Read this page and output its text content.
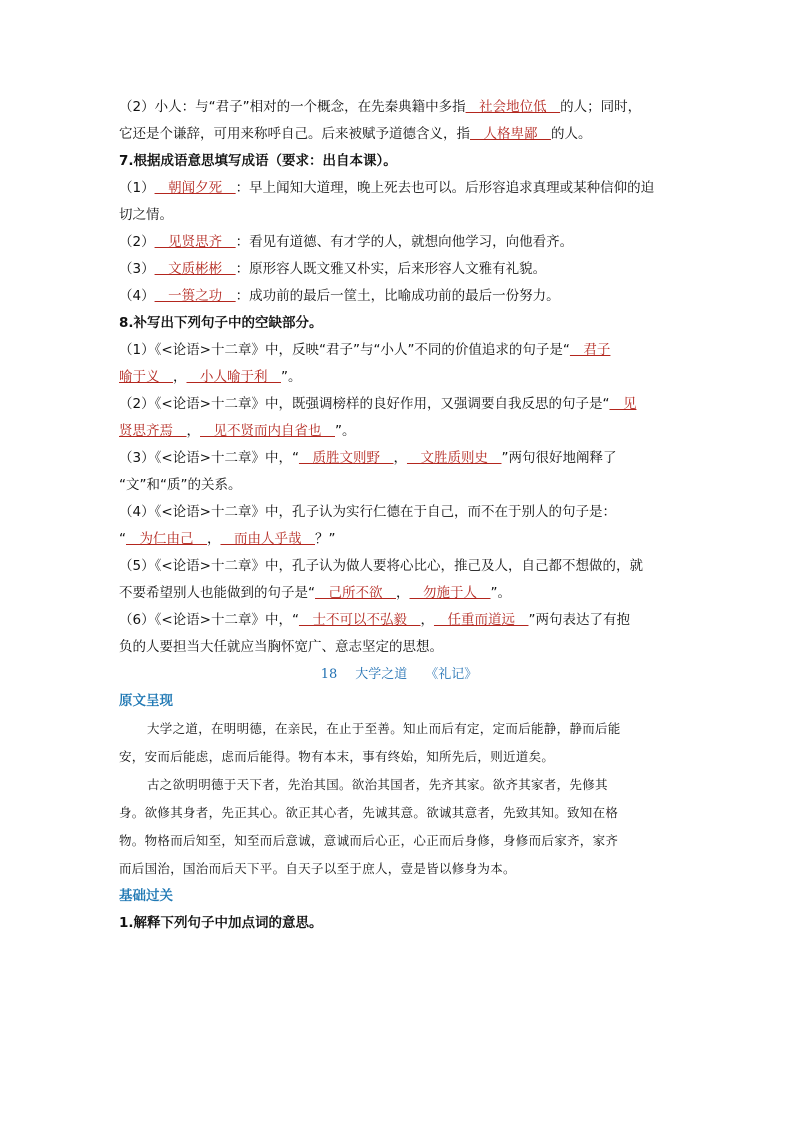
（2）小人：与“君子”相对的一个概念，在先秦典籍中多指＿社会地位低＿的人；同时，
它还是个谦辞，可用来称呼自己。后来被赋予道德含义，指＿人格卑鄙＿的人。
7.根据成语意思填写成语（要求：出自本课）。
（1）＿朝闻夕死＿：早上闻知大道理，晚上死去也可以。后形容追求真理或某种信仰的迫
切之情。
（2）＿见贤思齐＿：看见有道德、有才学的人，就想向他学习，向他看齐。
（3）＿文质彬彬＿：原形容人既文雅又朴实，后来形容人文雅有礼貌。
（4）＿一篑之功＿：成功前的最后一筐土，比喻成功前的最后一份努力。
8.补写出下列句子中的空缺部分。
（1）《<论语>十二章》中，反映“君子”与“小人”不同的价值追求的句子是“＿君子
喻于义＿，＿小人喻于利＿”。
（2）《<论语>十二章》中，既强调榜样的良好作用，又强调要自我反思的句子是“＿见
贤思齐焉＿，＿见不贤而内自省也＿”。
（3）《<论语>十二章》中，“＿质胜文则野＿，＿文胜质则史＿”两句很好地阐释了
“文”和“质”的关系。
（4）《<论语>十二章》中，孔子认为实行仁德在于自己，而不在于别人的句子是：
“＿为仁由己＿，＿而由人乎哉＿？”
（5）《<论语>十二章》中，孔子认为做人要将心比心，推己及人，自己都不想做的，就
不要希望别人也能做到的句子是“＿己所不欲＿，＿勿施于人＿”。
（6）《<论语>十二章》中，“＿士不可以不弘毅＿，＿任重而道远＿”两句表达了有抱
负的人要担当大任就应当胸怀宽广、意志坚定的思想。
18 大学之道 《礼记》
原文呈现
大学之道，在明明德，在亲民，在止于至善。知止而后有定，定而后能静，静而后能
安，安而后能虑，虑而后能得。物有本末，事有终始，知所先后，则近道矣。
古之欲明明德于天下者，先治其国。欲治其国者，先齐其家。欲齐其家者，先修其
身。欲修其身者，先正其心。欲正其心者，先诚其意。欲诚其意者，先致其知。致知在格
物。物格而后知至，知至而后意诚，意诚而后心正，心正而后身修，身修而后家齐，家齐
而后国治，国治而后天下平。自天子以至于庶人，壹是皆以修身为本。
基础过关
1.解释下列句子中加点词的意思。
